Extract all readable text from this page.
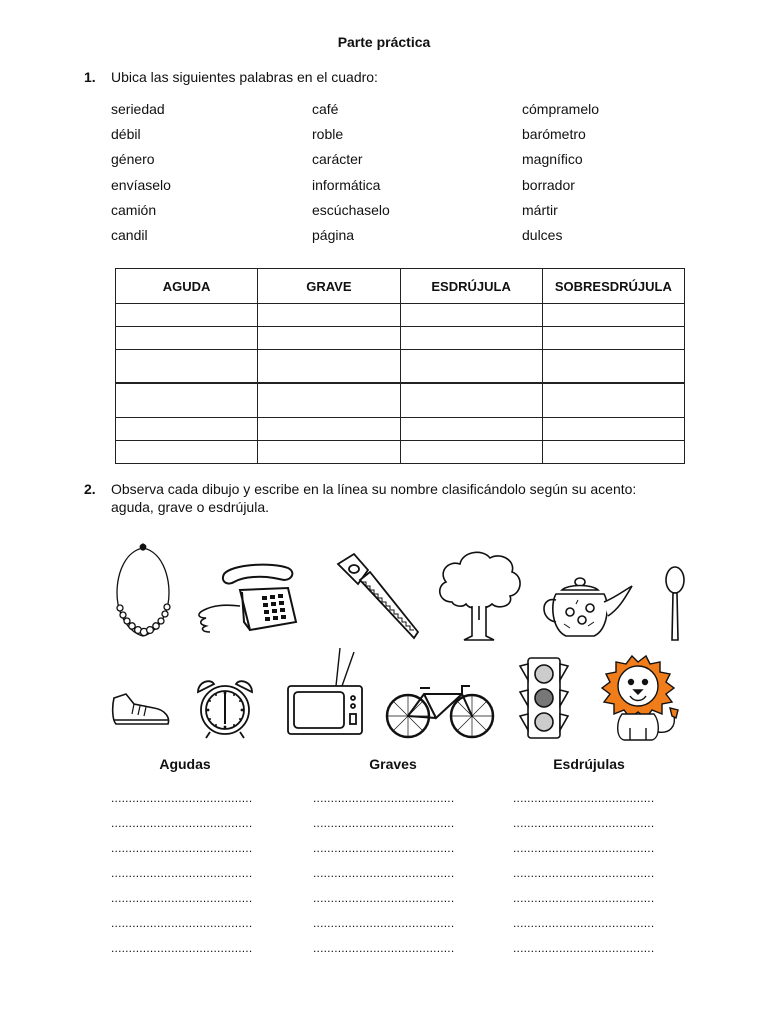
Parte práctica
1. Ubica las siguientes palabras en el cuadro:
seriedad
débil
género
envíaselo
camión
candil
café
roble
carácter
informática
escúchaselo
página
cómpramelo
barómetro
magnífico
borrador
mártir
dulces
AGUDA	GRAVE	ESDRÚJULA	SOBRESDRÚJULA

2. Observa cada dibujo y escribe en la línea su nombre clasificándolo según su acento:
aguda, grave o esdrújula.
Agudas	Graves	Esdrújulas
........................................
........................................
........................................
........................................
........................................
........................................
........................................
........................................
........................................
........................................
........................................
........................................
........................................
........................................
........................................
........................................
........................................
........................................
........................................
........................................
........................................
